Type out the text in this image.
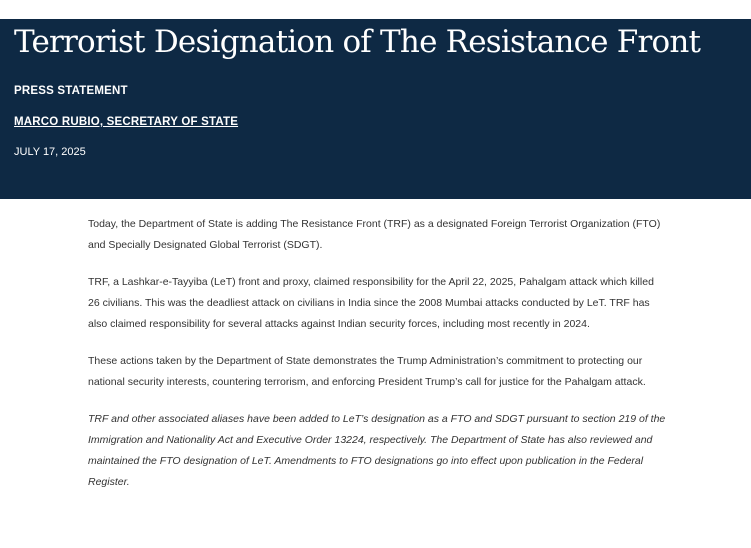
Terrorist Designation of The Resistance Front
PRESS STATEMENT
MARCO RUBIO, SECRETARY OF STATE
JULY 17, 2025

Today, the Department of State is adding The Resistance Front (TRF) as a designated Foreign Terrorist Organization (FTO) and Specially Designated Global Terrorist (SDGT).

TRF, a Lashkar-e-Tayyiba (LeT) front and proxy, claimed responsibility for the April 22, 2025, Pahalgam attack which killed 26 civilians. This was the deadliest attack on civilians in India since the 2008 Mumbai attacks conducted by LeT. TRF has also claimed responsibility for several attacks against Indian security forces, including most recently in 2024.

These actions taken by the Department of State demonstrates the Trump Administration’s commitment to protecting our national security interests, countering terrorism, and enforcing President Trump’s call for justice for the Pahalgam attack.

TRF and other associated aliases have been added to LeT’s designation as a FTO and SDGT pursuant to section 219 of the Immigration and Nationality Act and Executive Order 13224, respectively. The Department of State has also reviewed and maintained the FTO designation of LeT. Amendments to FTO designations go into effect upon publication in the Federal Register.
